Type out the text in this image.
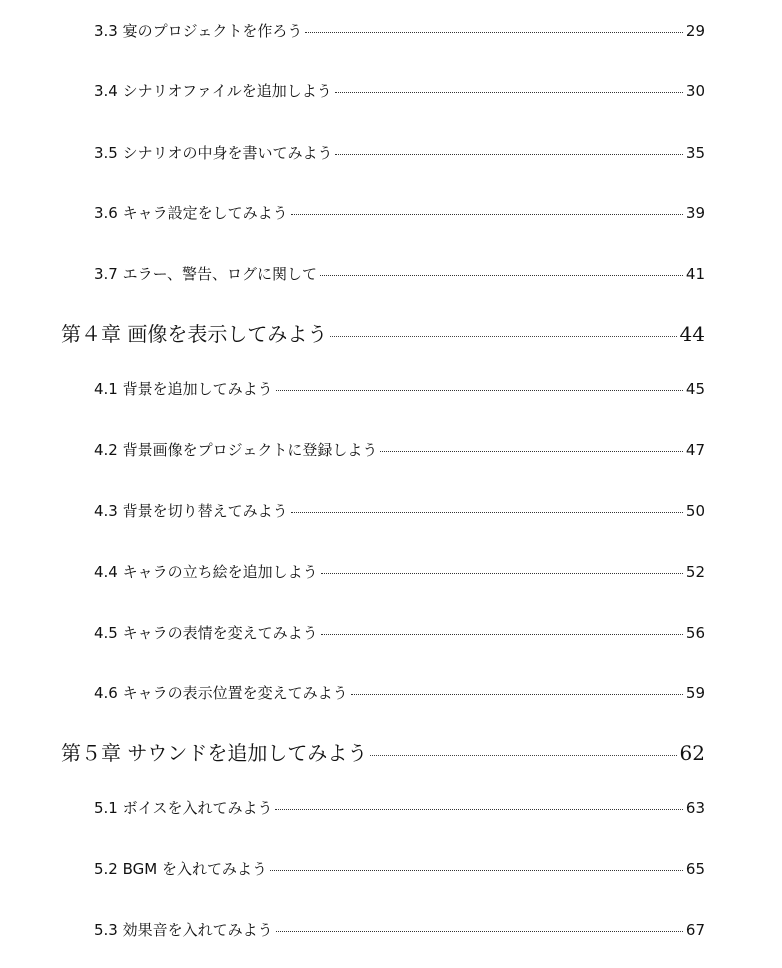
3.3 宴のプロジェクトを作ろう	29
3.4 シナリオファイルを追加しよう	30
3.5 シナリオの中身を書いてみよう	35
3.6 キャラ設定をしてみよう	39
3.7 エラー、警告、ログに関して	41
第４章 画像を表示してみよう	44
4.1 背景を追加してみよう	45
4.2 背景画像をプロジェクトに登録しよう	47
4.3 背景を切り替えてみよう	50
4.4 キャラの立ち絵を追加しよう	52
4.5 キャラの表情を変えてみよう	56
4.6 キャラの表示位置を変えてみよう	59
第５章 サウンドを追加してみよう	62
5.1 ボイスを入れてみよう	63
5.2 BGM を入れてみよう	65
5.3 効果音を入れてみよう	67
